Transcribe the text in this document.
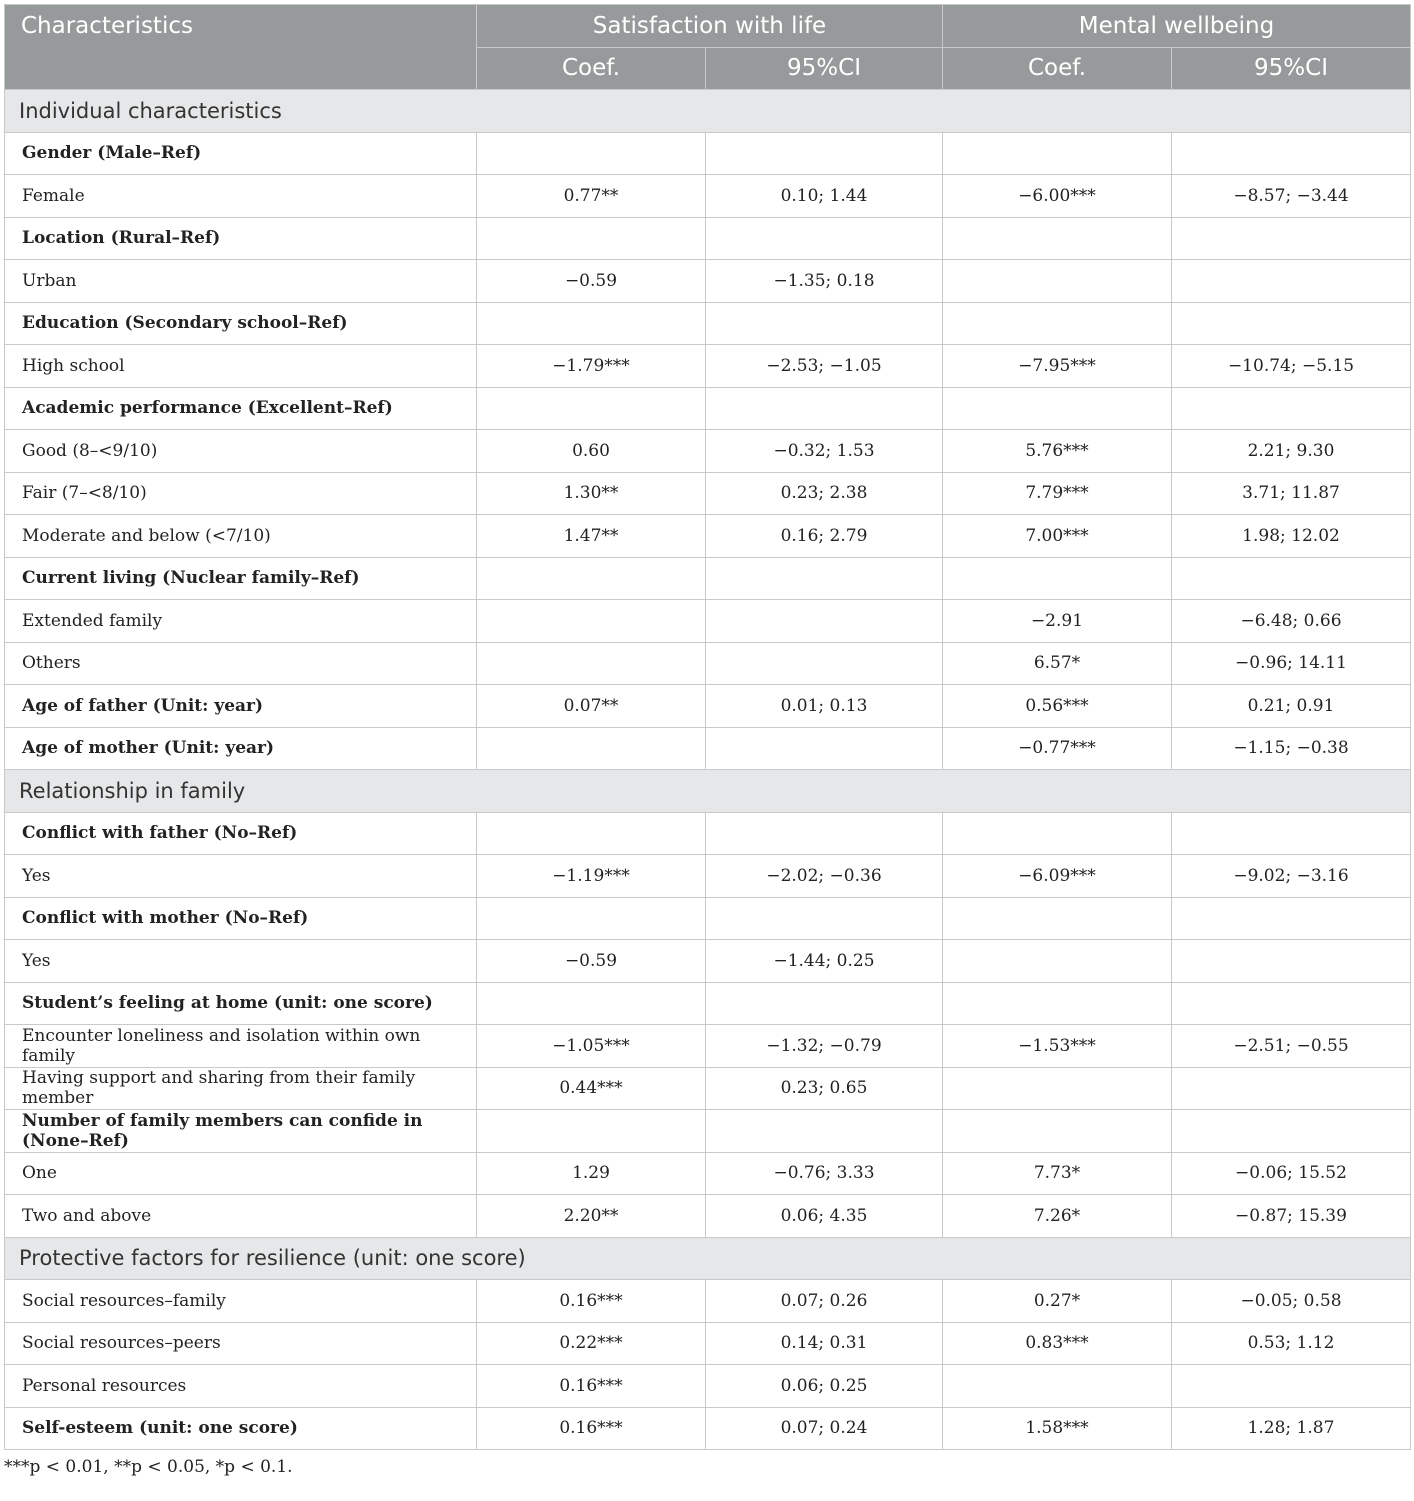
Characteristics	Satisfaction with life		Mental wellbeing	
	Coef.	95%CI	Coef.	95%CI
Individual characteristics				
Gender (Male–Ref)				
Female	0.77**	0.10; 1.44	−6.00***	−8.57; −3.44
Location (Rural–Ref)				
Urban	−0.59	−1.35; 0.18		
Education (Secondary school–Ref)				
High school	−1.79***	−2.53; −1.05	−7.95***	−10.74; −5.15
Academic performance (Excellent–Ref)				
Good (8–<9/10)	0.60	−0.32; 1.53	5.76***	2.21; 9.30
Fair (7–<8/10)	1.30**	0.23; 2.38	7.79***	3.71; 11.87
Moderate and below (<7/10)	1.47**	0.16; 2.79	7.00***	1.98; 12.02
Current living (Nuclear family–Ref)				
Extended family			−2.91	−6.48; 0.66
Others			6.57*	−0.96; 14.11
Age of father (Unit: year)	0.07**	0.01; 0.13	0.56***	0.21; 0.91
Age of mother (Unit: year)			−0.77***	−1.15; −0.38
Relationship in family				
Conflict with father (No–Ref)				
Yes	−1.19***	−2.02; −0.36	−6.09***	−9.02; −3.16
Conflict with mother (No–Ref)				
Yes	−0.59	−1.44; 0.25		
Student’s feeling at home (unit: one score)				
Encounter loneliness and isolation within own family	−1.05***	−1.32; −0.79	−1.53***	−2.51; −0.55
Having support and sharing from their family member	0.44***	0.23; 0.65		
Number of family members can confide in (None–Ref)				
One	1.29	−0.76; 3.33	7.73*	−0.06; 15.52
Two and above	2.20**	0.06; 4.35	7.26*	−0.87; 15.39
Protective factors for resilience (unit: one score)				
Social resources–family	0.16***	0.07; 0.26	0.27*	−0.05; 0.58
Social resources–peers	0.22***	0.14; 0.31	0.83***	0.53; 1.12
Personal resources	0.16***	0.06; 0.25		
Self-esteem (unit: one score)	0.16***	0.07; 0.24	1.58***	1.28; 1.87
***p < 0.01, **p < 0.05, *p < 0.1.
